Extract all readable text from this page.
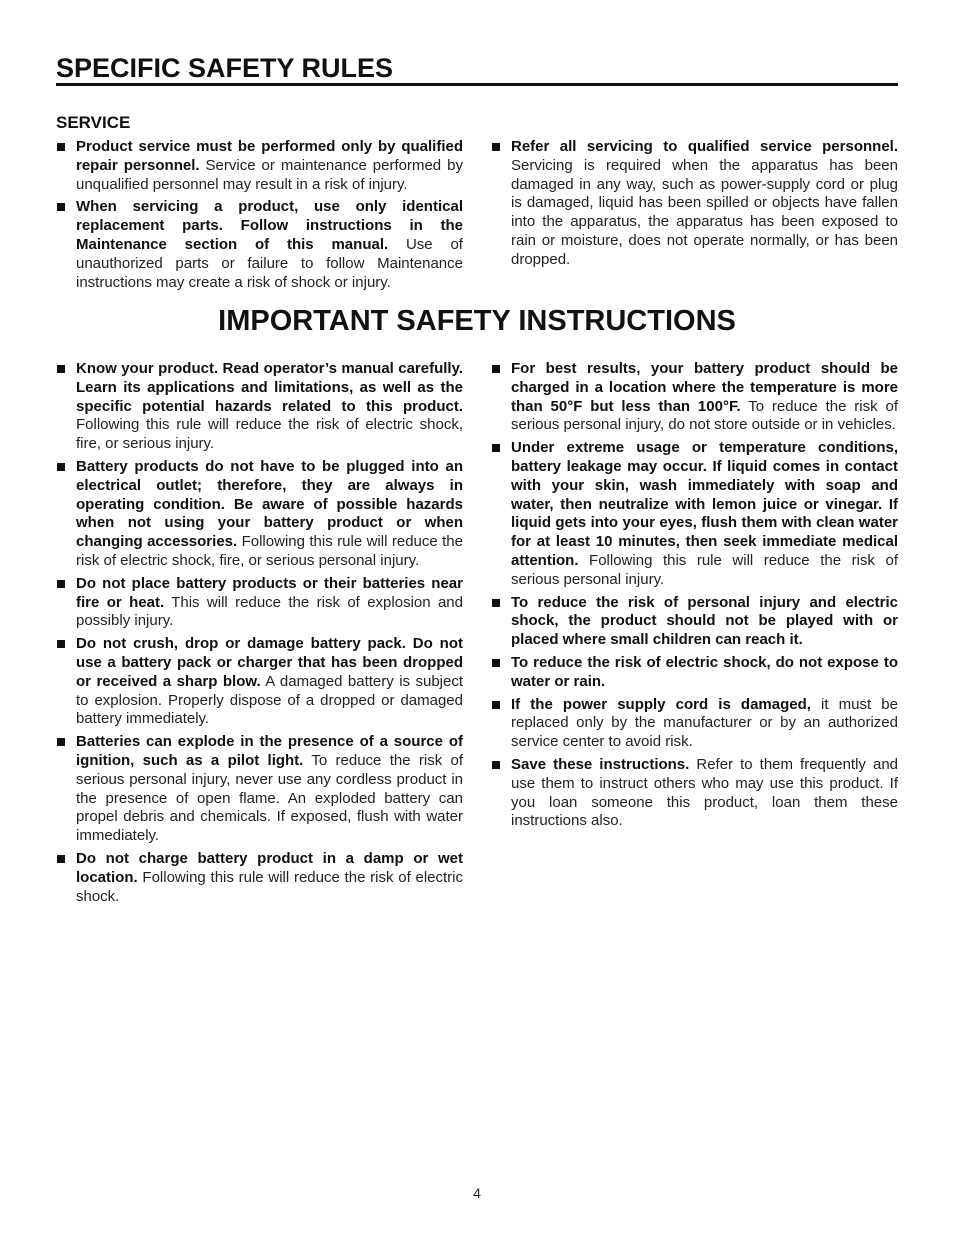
SPECIFIC SAFETY RULES
SERVICE
Product service must be performed only by qualified repair personnel. Service or maintenance performed by unqualified personnel may result in a risk of injury.
When servicing a product, use only identical replacement parts. Follow instructions in the Maintenance section of this manual. Use of unauthorized parts or failure to follow Maintenance instructions may create a risk of shock or injury.
Refer all servicing to qualified service personnel. Servicing is required when the apparatus has been damaged in any way, such as power-supply cord or plug is damaged, liquid has been spilled or objects have fallen into the apparatus, the apparatus has been exposed to rain or moisture, does not operate normally, or has been dropped.
IMPORTANT SAFETY INSTRUCTIONS
Know your product. Read operator’s manual carefully. Learn its applications and limitations, as well as the specific potential hazards related to this product. Following this rule will reduce the risk of electric shock, fire, or serious injury.
Battery products do not have to be plugged into an electrical outlet; therefore, they are always in operating condition. Be aware of possible hazards when not using your battery product or when changing accessories. Following this rule will reduce the risk of electric shock, fire, or serious personal injury.
Do not place battery products or their batteries near fire or heat. This will reduce the risk of explosion and possibly injury.
Do not crush, drop or damage battery pack. Do not use a battery pack or charger that has been dropped or received a sharp blow. A damaged battery is subject to explosion. Properly dispose of a dropped or damaged battery immediately.
Batteries can explode in the presence of a source of ignition, such as a pilot light. To reduce the risk of serious personal injury, never use any cordless product in the presence of open flame. An exploded battery can propel debris and chemicals. If exposed, flush with water immediately.
Do not charge battery product in a damp or wet location. Following this rule will reduce the risk of electric shock.
For best results, your battery product should be charged in a location where the temperature is more than 50°F but less than 100°F. To reduce the risk of serious personal injury, do not store outside or in vehicles.
Under extreme usage or temperature conditions, battery leakage may occur. If liquid comes in contact with your skin, wash immediately with soap and water, then neutralize with lemon juice or vinegar. If liquid gets into your eyes, flush them with clean water for at least 10 minutes, then seek immediate medical attention. Following this rule will reduce the risk of serious personal injury.
To reduce the risk of personal injury and electric shock, the product should not be played with or placed where small children can reach it.
To reduce the risk of electric shock, do not expose to water or rain.
If the power supply cord is damaged, it must be replaced only by the manufacturer or by an authorized service center to avoid risk.
Save these instructions. Refer to them frequently and use them to instruct others who may use this product. If you loan someone this product, loan them these instructions also.
4
